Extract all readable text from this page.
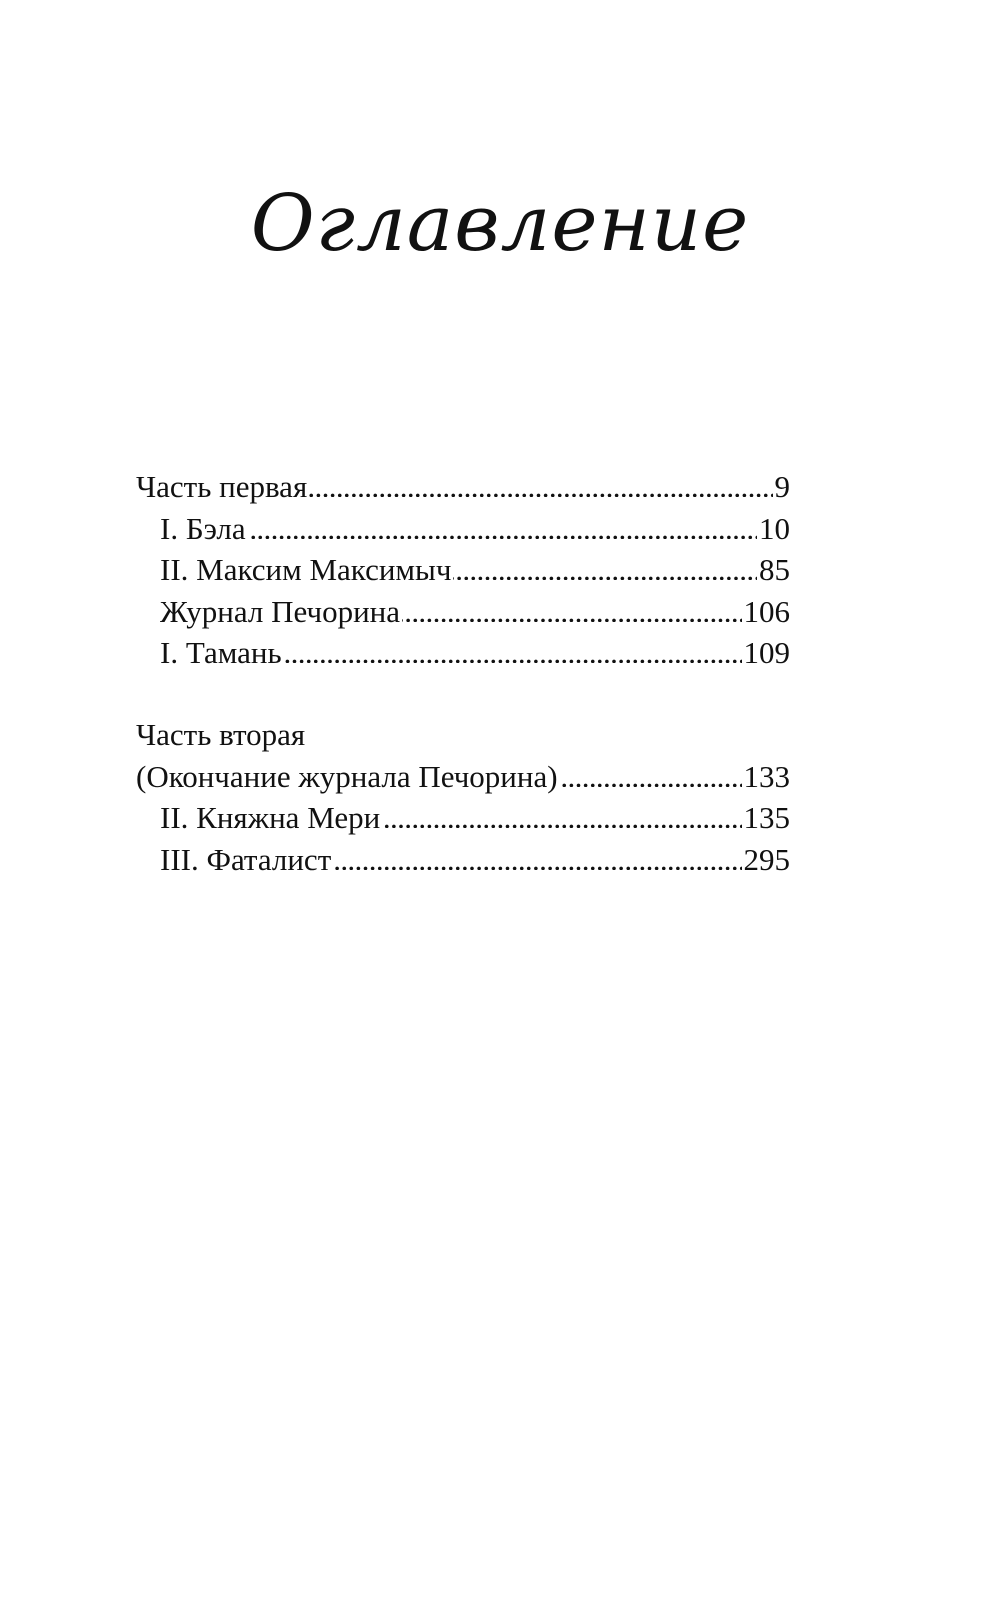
Оглавление
Часть первая . . .	9
I. Бэла . . .	10
II. Максим Максимыч . . .	85
Журнал Печорина . . .	106
I. Тамань . . .	109
Часть вторая
(Окончание журнала Печорина) . . .	133
II. Княжна Мери . . .	135
III. Фаталист . . .	295
